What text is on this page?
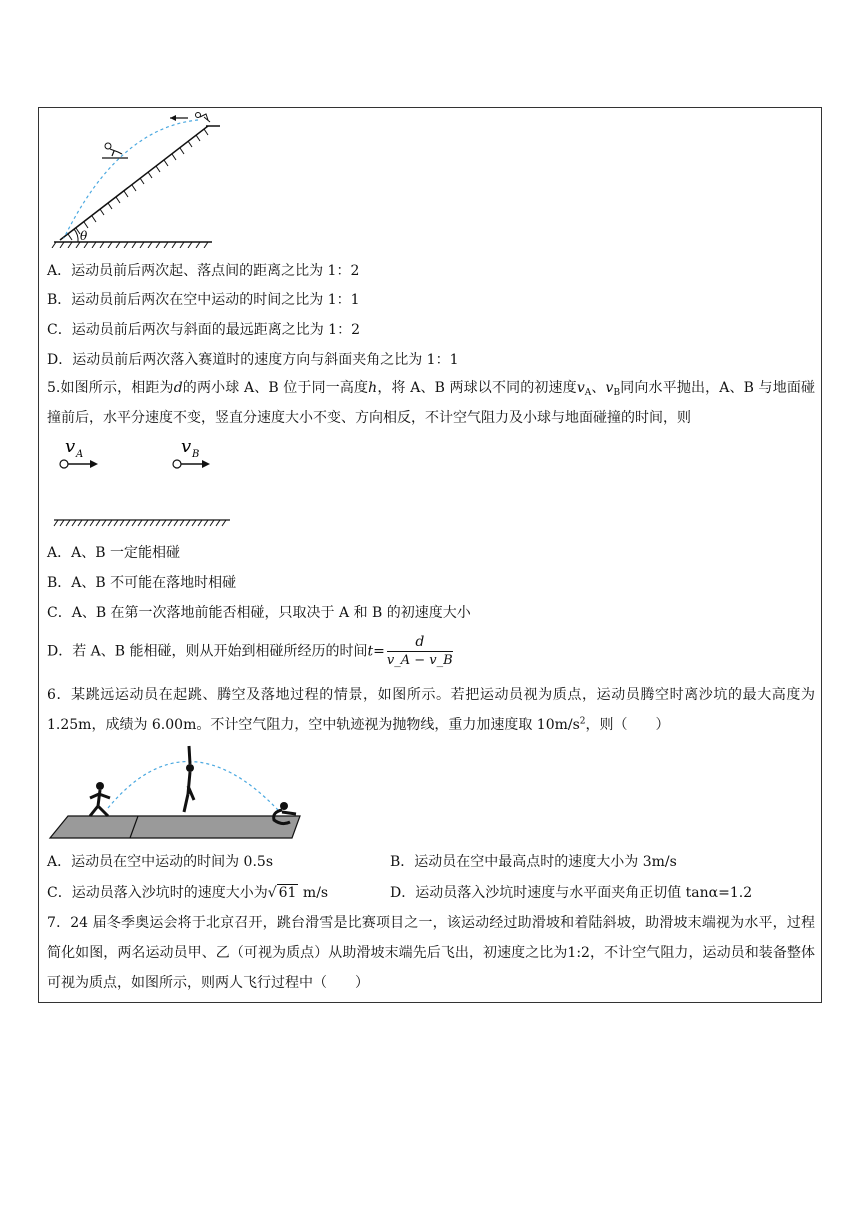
θ
A．运动员前后两次起、落点间的距离之比为 1：2
B．运动员前后两次在空中运动的时间之比为 1：1
C．运动员前后两次与斜面的最远距离之比为 1：2
D．运动员前后两次落入赛道时的速度方向与斜面夹角之比为 1：1
5.如图所示，相距为d的两小球 A、B 位于同一高度h，将 A、B 两球以不同的初速度$v_A$、$v_B$同向水平抛出，A、B 与地面碰撞前后，水平分速度不变，竖直分速度大小不变、方向相反，不计空气阻力及小球与地面碰撞的时间，则
v A	v B
A．A、B 一定能相碰
B．A、B 不可能在落地时相碰
C．A、B 在第一次落地前能否相碰，只取决于 A 和 B 的初速度大小
D．若 A、B 能相碰，则从开始到相碰所经历的时间$t= \frac{d}{v\_A - v\_B}$
6．某跳远运动员在起跳、腾空及落地过程的情景，如图所示。若把运动员视为质点，运动员腾空时离沙坑的最大高度为 1.25m，成绩为 6.00m。不计空气阻力，空中轨迹视为抛物线，重力加速度取 $10m/s^2$，则（　　）
A．运动员在空中运动的时间为 0.5s	B．运动员在空中最高点时的速度大小为 3m/s
C．运动员落入沙坑时的速度大小为√ 61 m/s	D．运动员落入沙坑时速度与水平面夹角正切值 tanα=1.2
7．24 届冬季奥运会将于北京召开，跳台滑雪是比赛项目之一，该运动经过助滑坡和着陆斜坡，助滑坡末端视为水平，过程简化如图，两名运动员甲、乙（可视为质点）从助滑坡末端先后飞出，初速度之比为1:2，不计空气阻力，运动员和装备整体可视为质点，如图所示，则两人飞行过程中（　　）
